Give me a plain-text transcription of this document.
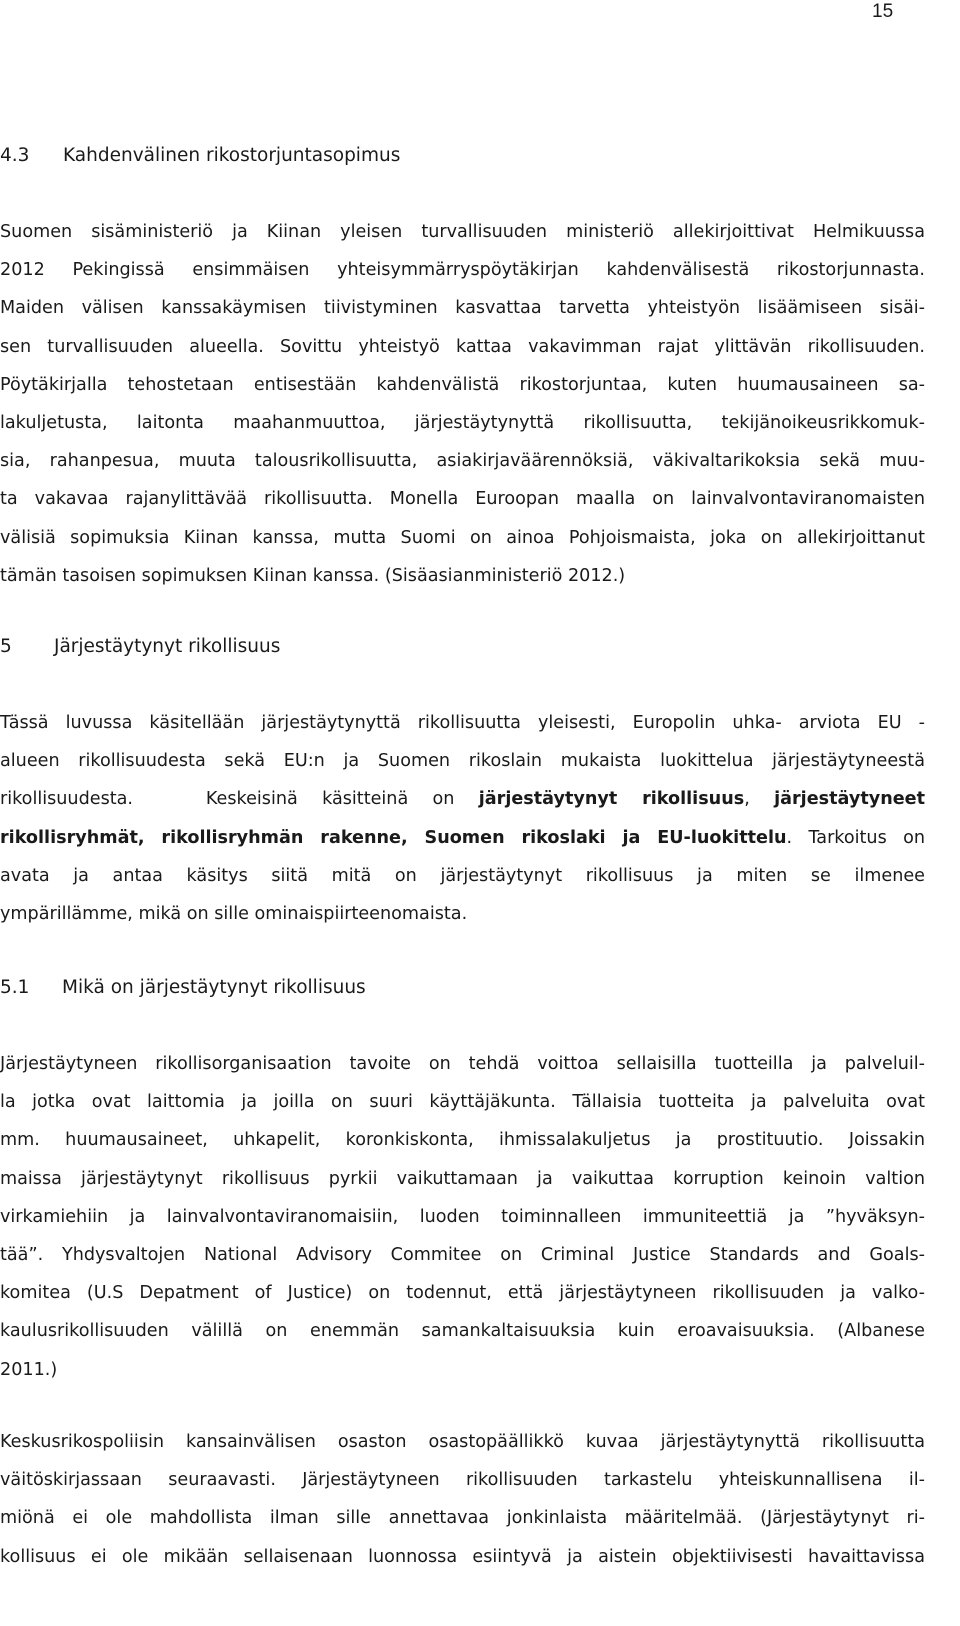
15
4.3 Kahdenvälinen rikostorjuntasopimus
Suomen sisäministeriö ja Kiinan yleisen turvallisuuden ministeriö allekirjoittivat Helmikuussa
2012 Pekingissä ensimmäisen yhteisymmärryspöytäkirjan kahdenvälisestä rikostorjunnasta.
Maiden välisen kanssakäymisen tiivistyminen kasvattaa tarvetta yhteistyön lisäämiseen sisäi-
sen turvallisuuden alueella. Sovittu yhteistyö kattaa vakavimman rajat ylittävän rikollisuuden.
Pöytäkirjalla tehostetaan entisestään kahdenvälistä rikostorjuntaa, kuten huumausaineen sa-
lakuljetusta, laitonta maahanmuuttoa, järjestäytynyttä rikollisuutta, tekijänoikeusrikkomuk-
sia, rahanpesua, muuta talousrikollisuutta, asiakirjaväärennöksiä, väkivaltarikoksia sekä muu-
ta vakavaa rajanylittävää rikollisuutta. Monella Euroopan maalla on lainvalvontaviranomaisten
välisiä sopimuksia Kiinan kanssa, mutta Suomi on ainoa Pohjoismaista, joka on allekirjoittanut
tämän tasoisen sopimuksen Kiinan kanssa. (Sisäasianministeriö 2012.)
5 Järjestäytynyt rikollisuus
Tässä luvussa käsitellään järjestäytynyttä rikollisuutta yleisesti, Europolin uhka- arviota EU -
alueen rikollisuudesta sekä EU:n ja Suomen rikoslain mukaista luokittelua järjestäytyneestä
rikollisuudesta.   Keskeisinä käsitteinä on järjestäytynyt rikollisuus, järjestäytyneet
rikollisryhmät, rikollisryhmän rakenne, Suomen rikoslaki ja EU-luokittelu. Tarkoitus on
avata ja antaa käsitys siitä mitä on järjestäytynyt rikollisuus ja miten se ilmenee
ympärillämme, mikä on sille ominaispiirteenomaista.
5.1 Mikä on järjestäytynyt rikollisuus
Järjestäytyneen rikollisorganisaation tavoite on tehdä voittoa sellaisilla tuotteilla ja palveluil-
la jotka ovat laittomia ja joilla on suuri käyttäjäkunta. Tällaisia tuotteita ja palveluita ovat
mm. huumausaineet, uhkapelit, koronkiskonta, ihmissalakuljetus ja prostituutio. Joissakin
maissa järjestäytynyt rikollisuus pyrkii vaikuttamaan ja vaikuttaa korruption keinoin valtion
virkamiehiin ja lainvalvontaviranomaisiin, luoden toiminnalleen immuniteettiä ja ”hyväksyn-
tää”. Yhdysvaltojen National Advisory Commitee on Criminal Justice Standards and Goals-
komitea (U.S Depatment of Justice) on todennut, että järjestäytyneen rikollisuuden ja valko-
kaulusrikollisuuden välillä on enemmän samankaltaisuuksia kuin eroavaisuuksia. (Albanese
2011.)
Keskusrikospoliisin kansainvälisen osaston osastopäällikkö kuvaa järjestäytynyttä rikollisuutta
väitöskirjassaan seuraavasti. Järjestäytyneen rikollisuuden tarkastelu yhteiskunnallisena il-
miönä ei ole mahdollista ilman sille annettavaa jonkinlaista määritelmää. (Järjestäytynyt ri-
kollisuus ei ole mikään sellaisenaan luonnossa esiintyvä ja aistein objektiivisesti havaittavissa
